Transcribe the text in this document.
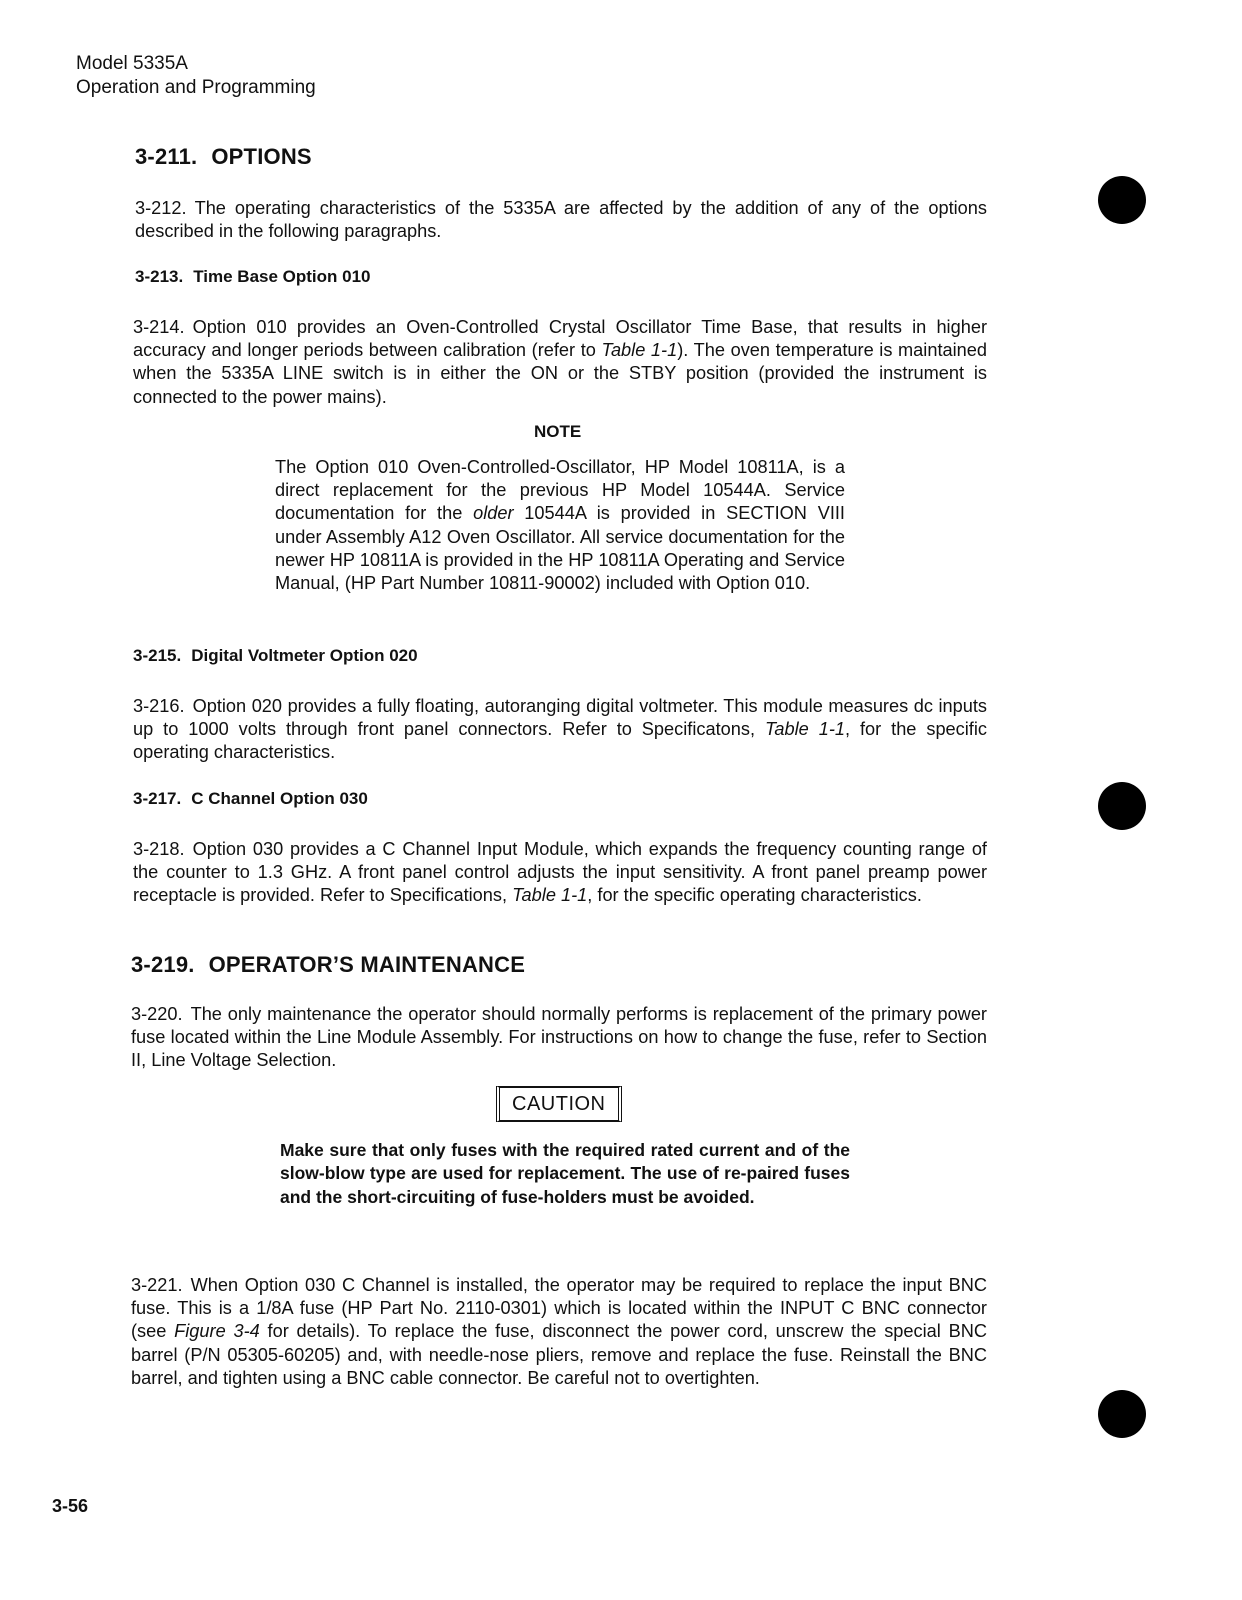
Model 5335A
Operation and Programming
3-211. OPTIONS
3-212. The operating characteristics of the 5335A are affected by the addition of any of the options described in the following paragraphs.
3-213. Time Base Option 010
3-214. Option 010 provides an Oven-Controlled Crystal Oscillator Time Base, that results in higher accuracy and longer periods between calibration (refer to Table 1-1). The oven temperature is maintained when the 5335A LINE switch is in either the ON or the STBY position (provided the instrument is connected to the power mains).
NOTE
The Option 010 Oven-Controlled-Oscillator, HP Model 10811A, is a direct replacement for the previous HP Model 10544A. Service documentation for the older 10544A is provided in SECTION VIII under Assembly A12 Oven Oscillator. All service documentation for the newer HP 10811A is provided in the HP 10811A Operating and Service Manual, (HP Part Number 10811-90002) included with Option 010.
3-215. Digital Voltmeter Option 020
3-216. Option 020 provides a fully floating, autoranging digital voltmeter. This module measures dc inputs up to 1000 volts through front panel connectors. Refer to Specificatons, Table 1-1, for the specific operating characteristics.
3-217. C Channel Option 030
3-218. Option 030 provides a C Channel Input Module, which expands the frequency counting range of the counter to 1.3 GHz. A front panel control adjusts the input sensitivity. A front panel preamp power receptacle is provided. Refer to Specifications, Table 1-1, for the specific operating characteristics.
3-219. OPERATOR’S MAINTENANCE
3-220. The only maintenance the operator should normally performs is replacement of the primary power fuse located within the Line Module Assembly. For instructions on how to change the fuse, refer to Section II, Line Voltage Selection.
CAUTION
Make sure that only fuses with the required rated current and of the slow-blow type are used for replacement. The use of re-paired fuses and the short-circuiting of fuse-holders must be avoided.
3-221. When Option 030 C Channel is installed, the operator may be required to replace the input BNC fuse. This is a 1/8A fuse (HP Part No. 2110-0301) which is located within the INPUT C BNC connector (see Figure 3-4 for details). To replace the fuse, disconnect the power cord, unscrew the special BNC barrel (P/N 05305-60205) and, with needle-nose pliers, remove and replace the fuse. Reinstall the BNC barrel, and tighten using a BNC cable connector. Be careful not to overtighten.
3-56
